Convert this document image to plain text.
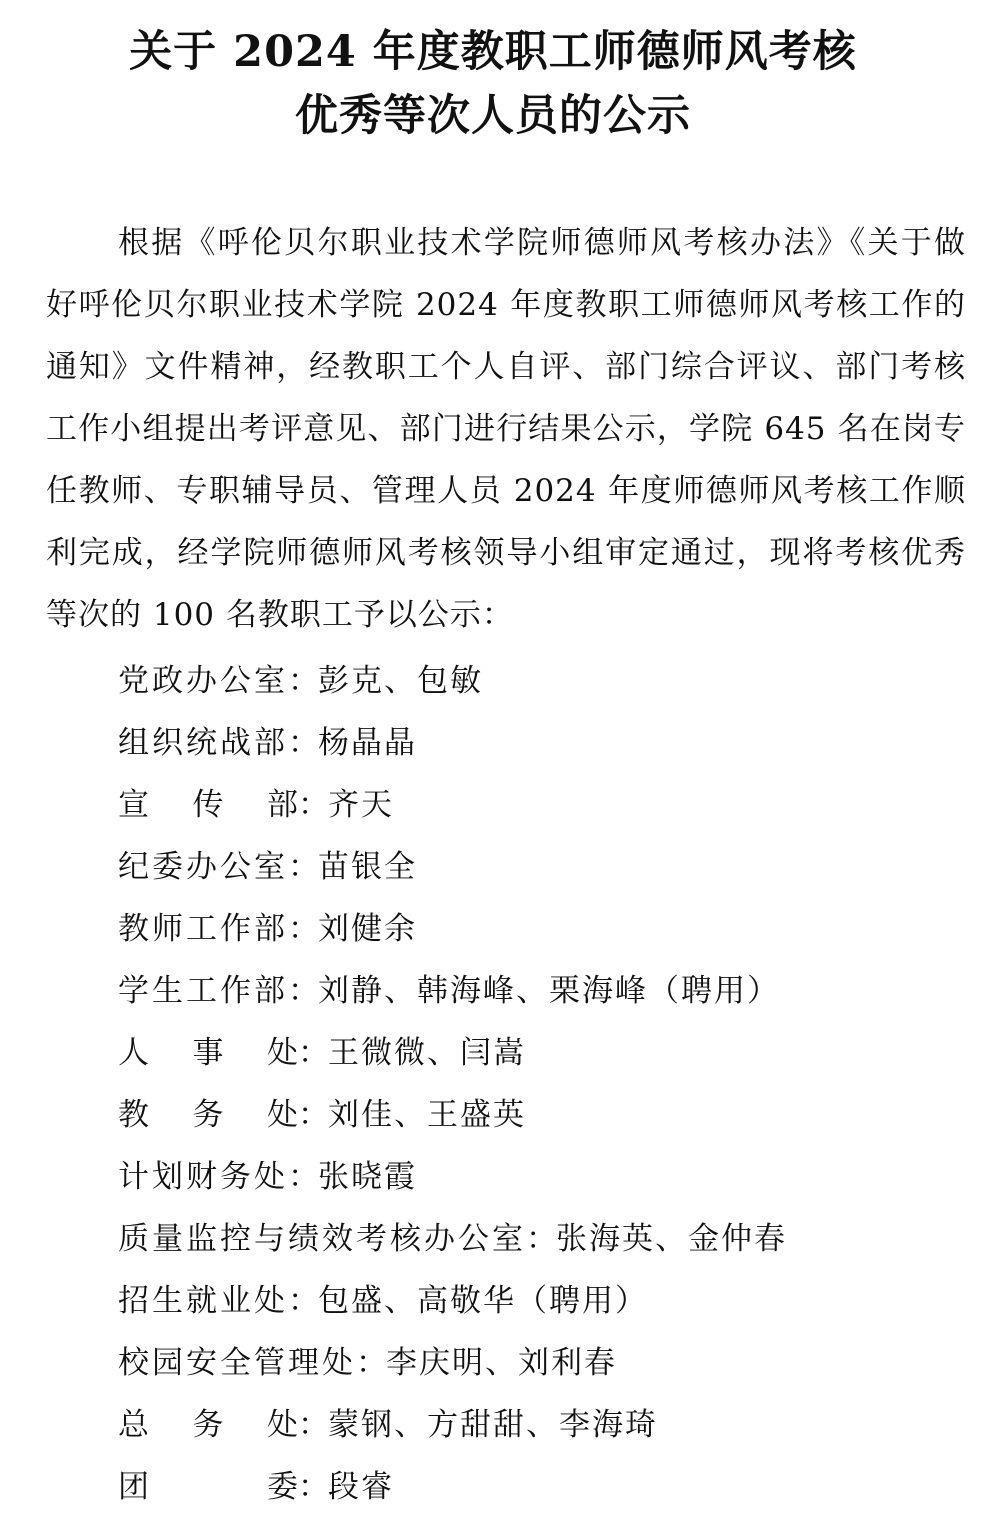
关于 2024 年度教职工师德师风考核
优秀等次人员的公示

根据《呼伦贝尔职业技术学院师德师风考核办法》《关于做好呼伦贝尔职业技术学院 2024 年度教职工师德师风考核工作的通知》文件精神，经教职工个人自评、部门综合评议、部门考核工作小组提出考评意见、部门进行结果公示，学院 645 名在岗专任教师、专职辅导员、管理人员 2024 年度师德师风考核工作顺利完成，经学院师德师风考核领导小组审定通过，现将考核优秀等次的 100 名教职工予以公示：

党政办公室 ： 彭克、包敏
组织统战部 ： 杨晶晶
宣 传 部 ： 齐天
纪委办公室 ： 苗银全
教师工作部 ： 刘健余
学生工作部 ： 刘静、韩海峰、栗海峰（聘用）
人 事 处 ： 王微微、闫嵩
教 务 处 ： 刘佳、王盛英
计划财务处 ： 张晓霞
质量监控与绩效考核办公室 ： 张海英、金仲春
招生就业处 ： 包盛、高敬华（聘用）
校园安全管理处 ： 李庆明、刘利春
总 务 处 ： 蒙钢、方甜甜、李海琦
团	委 ： 段睿
